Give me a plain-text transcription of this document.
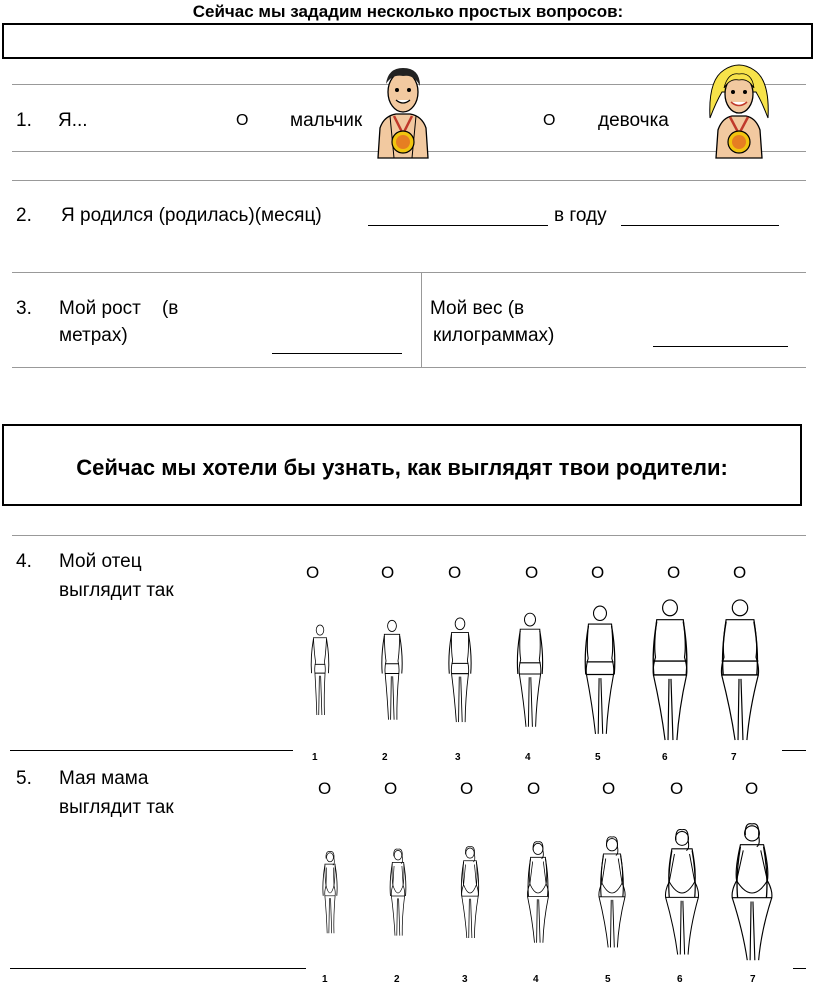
Сейчас мы зададим несколько простых вопросов:
1. Я...	O мальчик	O девочка
2. Я родился (родилась)(месяц)	в году
3. Мой рост    (в
метрах)
Мой вес (в
килограммах)
Сейчас мы хотели бы узнать, как выглядят твои родители:
4. Мой отец
выглядит так
O
1
O
2
O
3
O
4
O
5
O
6
O
7
5. Мая мама
выглядит так
O
1
O
2
O
3
O
4
O
5
O
6
O
7
